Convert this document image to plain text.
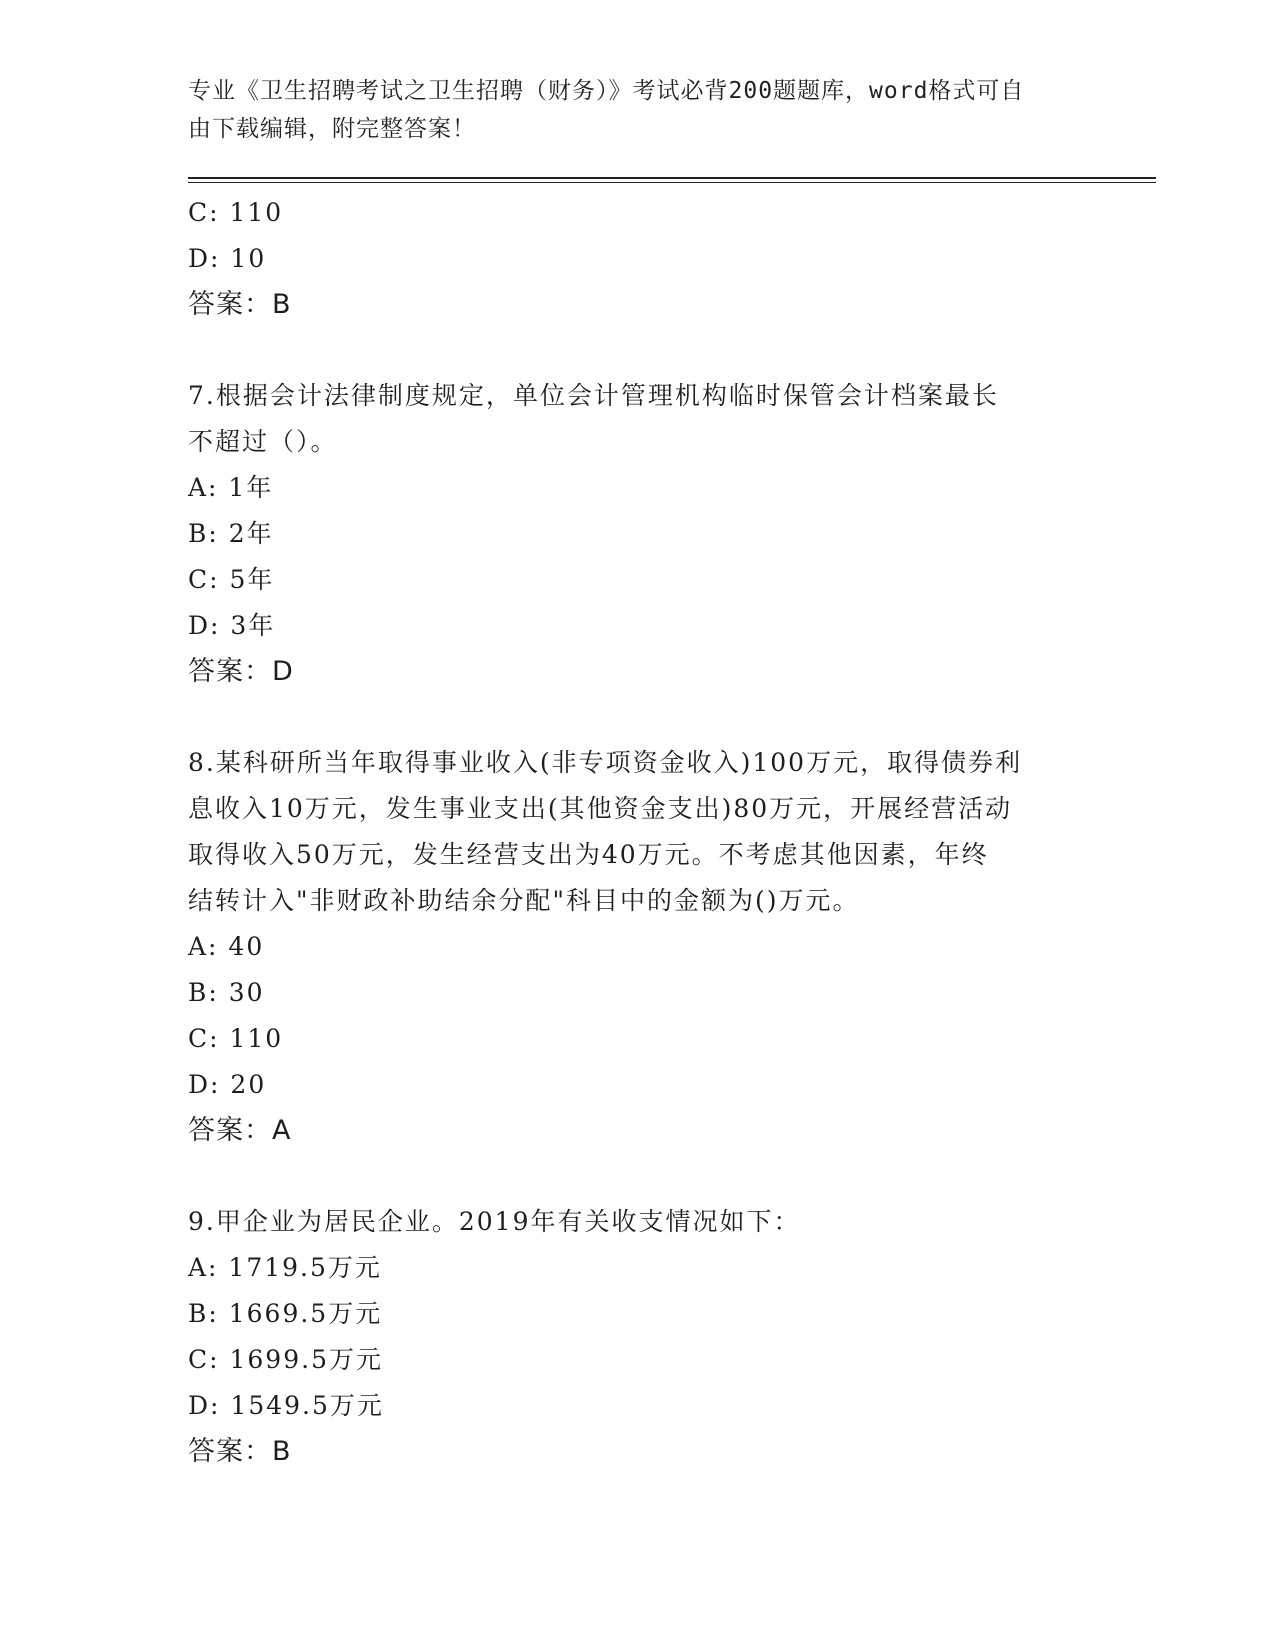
专业《卫生招聘考试之卫生招聘（财务）》考试必背200题题库，word格式可自
由下载编辑，附完整答案！
C: 110
D: 10
答案：B
7.根据会计法律制度规定，单位会计管理机构临时保管会计档案最长
不超过（）。
A: 1年
B: 2年
C: 5年
D: 3年
答案：D
8.某科研所当年取得事业收入(非专项资金收入)100万元，取得债券利
息收入10万元，发生事业支出(其他资金支出)80万元，开展经营活动
取得收入50万元，发生经营支出为40万元。不考虑其他因素，年终
结转计入"非财政补助结余分配"科目中的金额为()万元。
A: 40
B: 30
C: 110
D: 20
答案：A
9.甲企业为居民企业。2019年有关收支情况如下：
A: 1719.5万元
B: 1669.5万元
C: 1699.5万元
D: 1549.5万元
答案：B
